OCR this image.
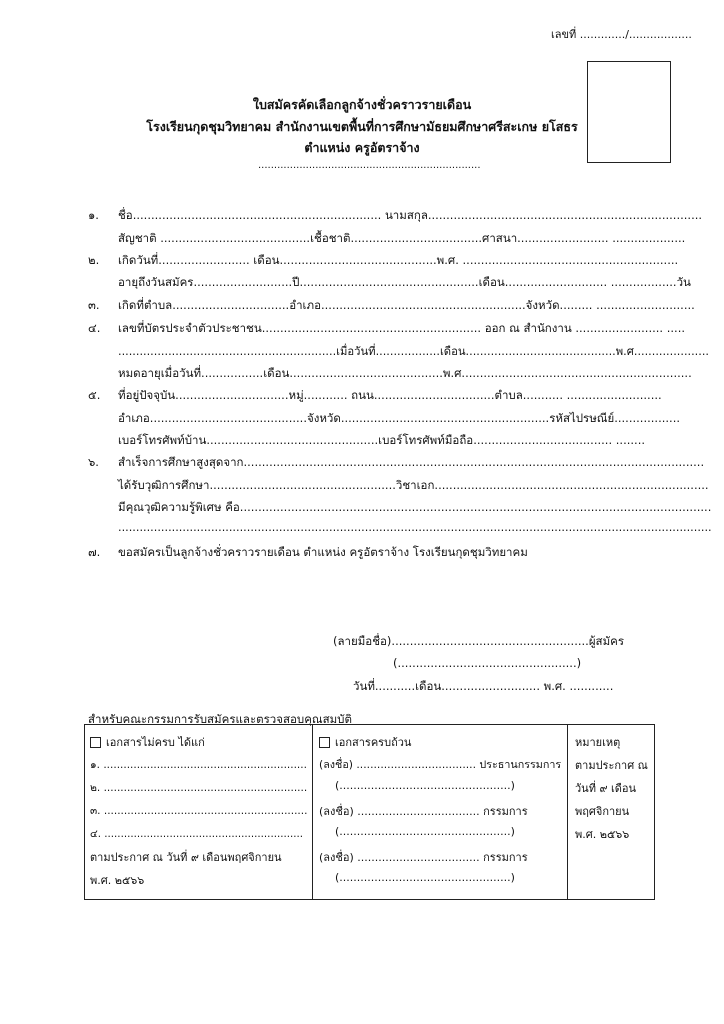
เลขที่ ............./..................
ใบสมัครคัดเลือกลูกจ้างชั่วคราวรายเดือน
โรงเรียนกุดชุมวิทยาคม สำนักงานเขตพื้นที่การศึกษามัธยมศึกษาศรีสะเกษ ยโสธร
ตำแหน่ง ครูอัตราจ้าง
......................................................................
๑. ชื่อ.................................................................... นามสกุล...........................................................................
สัญชาติ .........................................เชื้อชาติ....................................ศาสนา......................... ....................
๒. เกิดวันที่......................... เดือน...........................................พ.ศ. ...........................................................
อายุถึงวันสมัคร...........................ปี.................................................เดือน............................ ..................วัน
๓. เกิดที่ตำบล................................อำเภอ........................................................จังหวัด......... ...........................
๔. เลขที่บัตรประจำตัวประชาชน............................................................ ออก ณ สำนักงาน ........................ .....
.............................................................เมื่อวันที่..................เดือน..........................................พ.ศ.....................
หมดอายุเมื่อวันที่.................เดือน..........................................พ.ศ...............................................................
๕. ที่อยู่ปัจจุบัน...............................หมู่............ ถนน.................................ตำบล........... ..........................
อำเภอ...........................................จังหวัด.........................................................รหัสไปรษณีย์..................
เบอร์โทรศัพท์บ้าน...............................................เบอร์โทรศัพท์มือถือ...................................... ........
๖. สำเร็จการศึกษาสูงสุดจาก..............................................................................................................................
ได้รับวุฒิการศึกษา...................................................วิชาเอก...........................................................................
มีคุณวุฒิความรู้พิเศษ คือ.................................................................................................................................
......................................................................................................................................................................
๗. ขอสมัครเป็นลูกจ้างชั่วคราวรายเดือน ตำแหน่ง ครูอัตราจ้าง โรงเรียนกุดชุมวิทยาคม
(ลายมือชื่อ)......................................................ผู้สมัคร
(.................................................)
วันที่...........เดือน........................... พ.ศ. ............
สำหรับคณะกรรมการรับสมัครและตรวจสอบคุณสมบัติ
เอกสารไม่ครบ ได้แก่
๑. .............................................................
๒. .............................................................
๓. .............................................................
๔. .............................................................
ตามประกาศ ณ วันที่ ๙ เดือนพฤศจิกายน
พ.ศ. ๒๕๖๖
เอกสารครบถ้วน
(ลงชื่อ) ................................... ประธานกรรมการ
(.................................................)
(ลงชื่อ) ................................... กรรมการ
(.................................................)
(ลงชื่อ) ................................... กรรมการ
(.................................................)
หมายเหตุ
ตามประกาศ ณ
วันที่ ๙ เดือน
พฤศจิกายน
พ.ศ. ๒๕๖๖
